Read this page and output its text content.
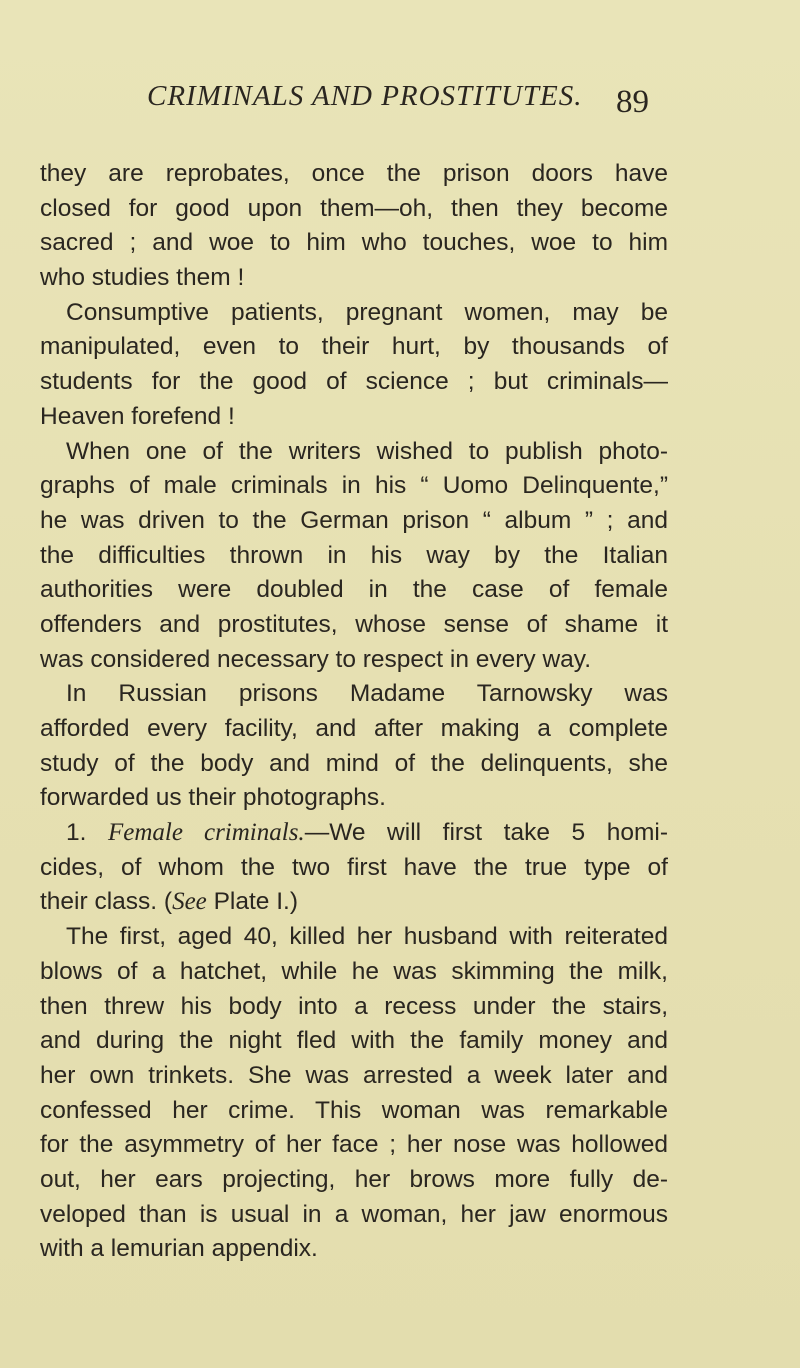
CRIMINALS AND PROSTITUTES. 89
they are reprobates, once the prison doors have
closed for good upon them—oh, then they become
sacred ; and woe to him who touches, woe to him
who studies them !
Consumptive patients, pregnant women, may be
manipulated, even to their hurt, by thousands of
students for the good of science ; but criminals—
Heaven forefend !
When one of the writers wished to publish photo-
graphs of male criminals in his “ Uomo Delinquente,”
he was driven to the German prison “ album ” ; and
the difficulties thrown in his way by the Italian
authorities were doubled in the case of female
offenders and prostitutes, whose sense of shame it
was considered necessary to respect in every way.
In Russian prisons Madame Tarnowsky was
afforded every facility, and after making a complete
study of the body and mind of the delinquents, she
forwarded us their photographs.
1. Female criminals.—We will first take 5 homi-
cides, of whom the two first have the true type of
their class. (See Plate I.)
The first, aged 40, killed her husband with reiterated
blows of a hatchet, while he was skimming the milk,
then threw his body into a recess under the stairs,
and during the night fled with the family money and
her own trinkets. She was arrested a week later and
confessed her crime. This woman was remarkable
for the asymmetry of her face ; her nose was hollowed
out, her ears projecting, her brows more fully de-
veloped than is usual in a woman, her jaw enormous
with a lemurian appendix.
